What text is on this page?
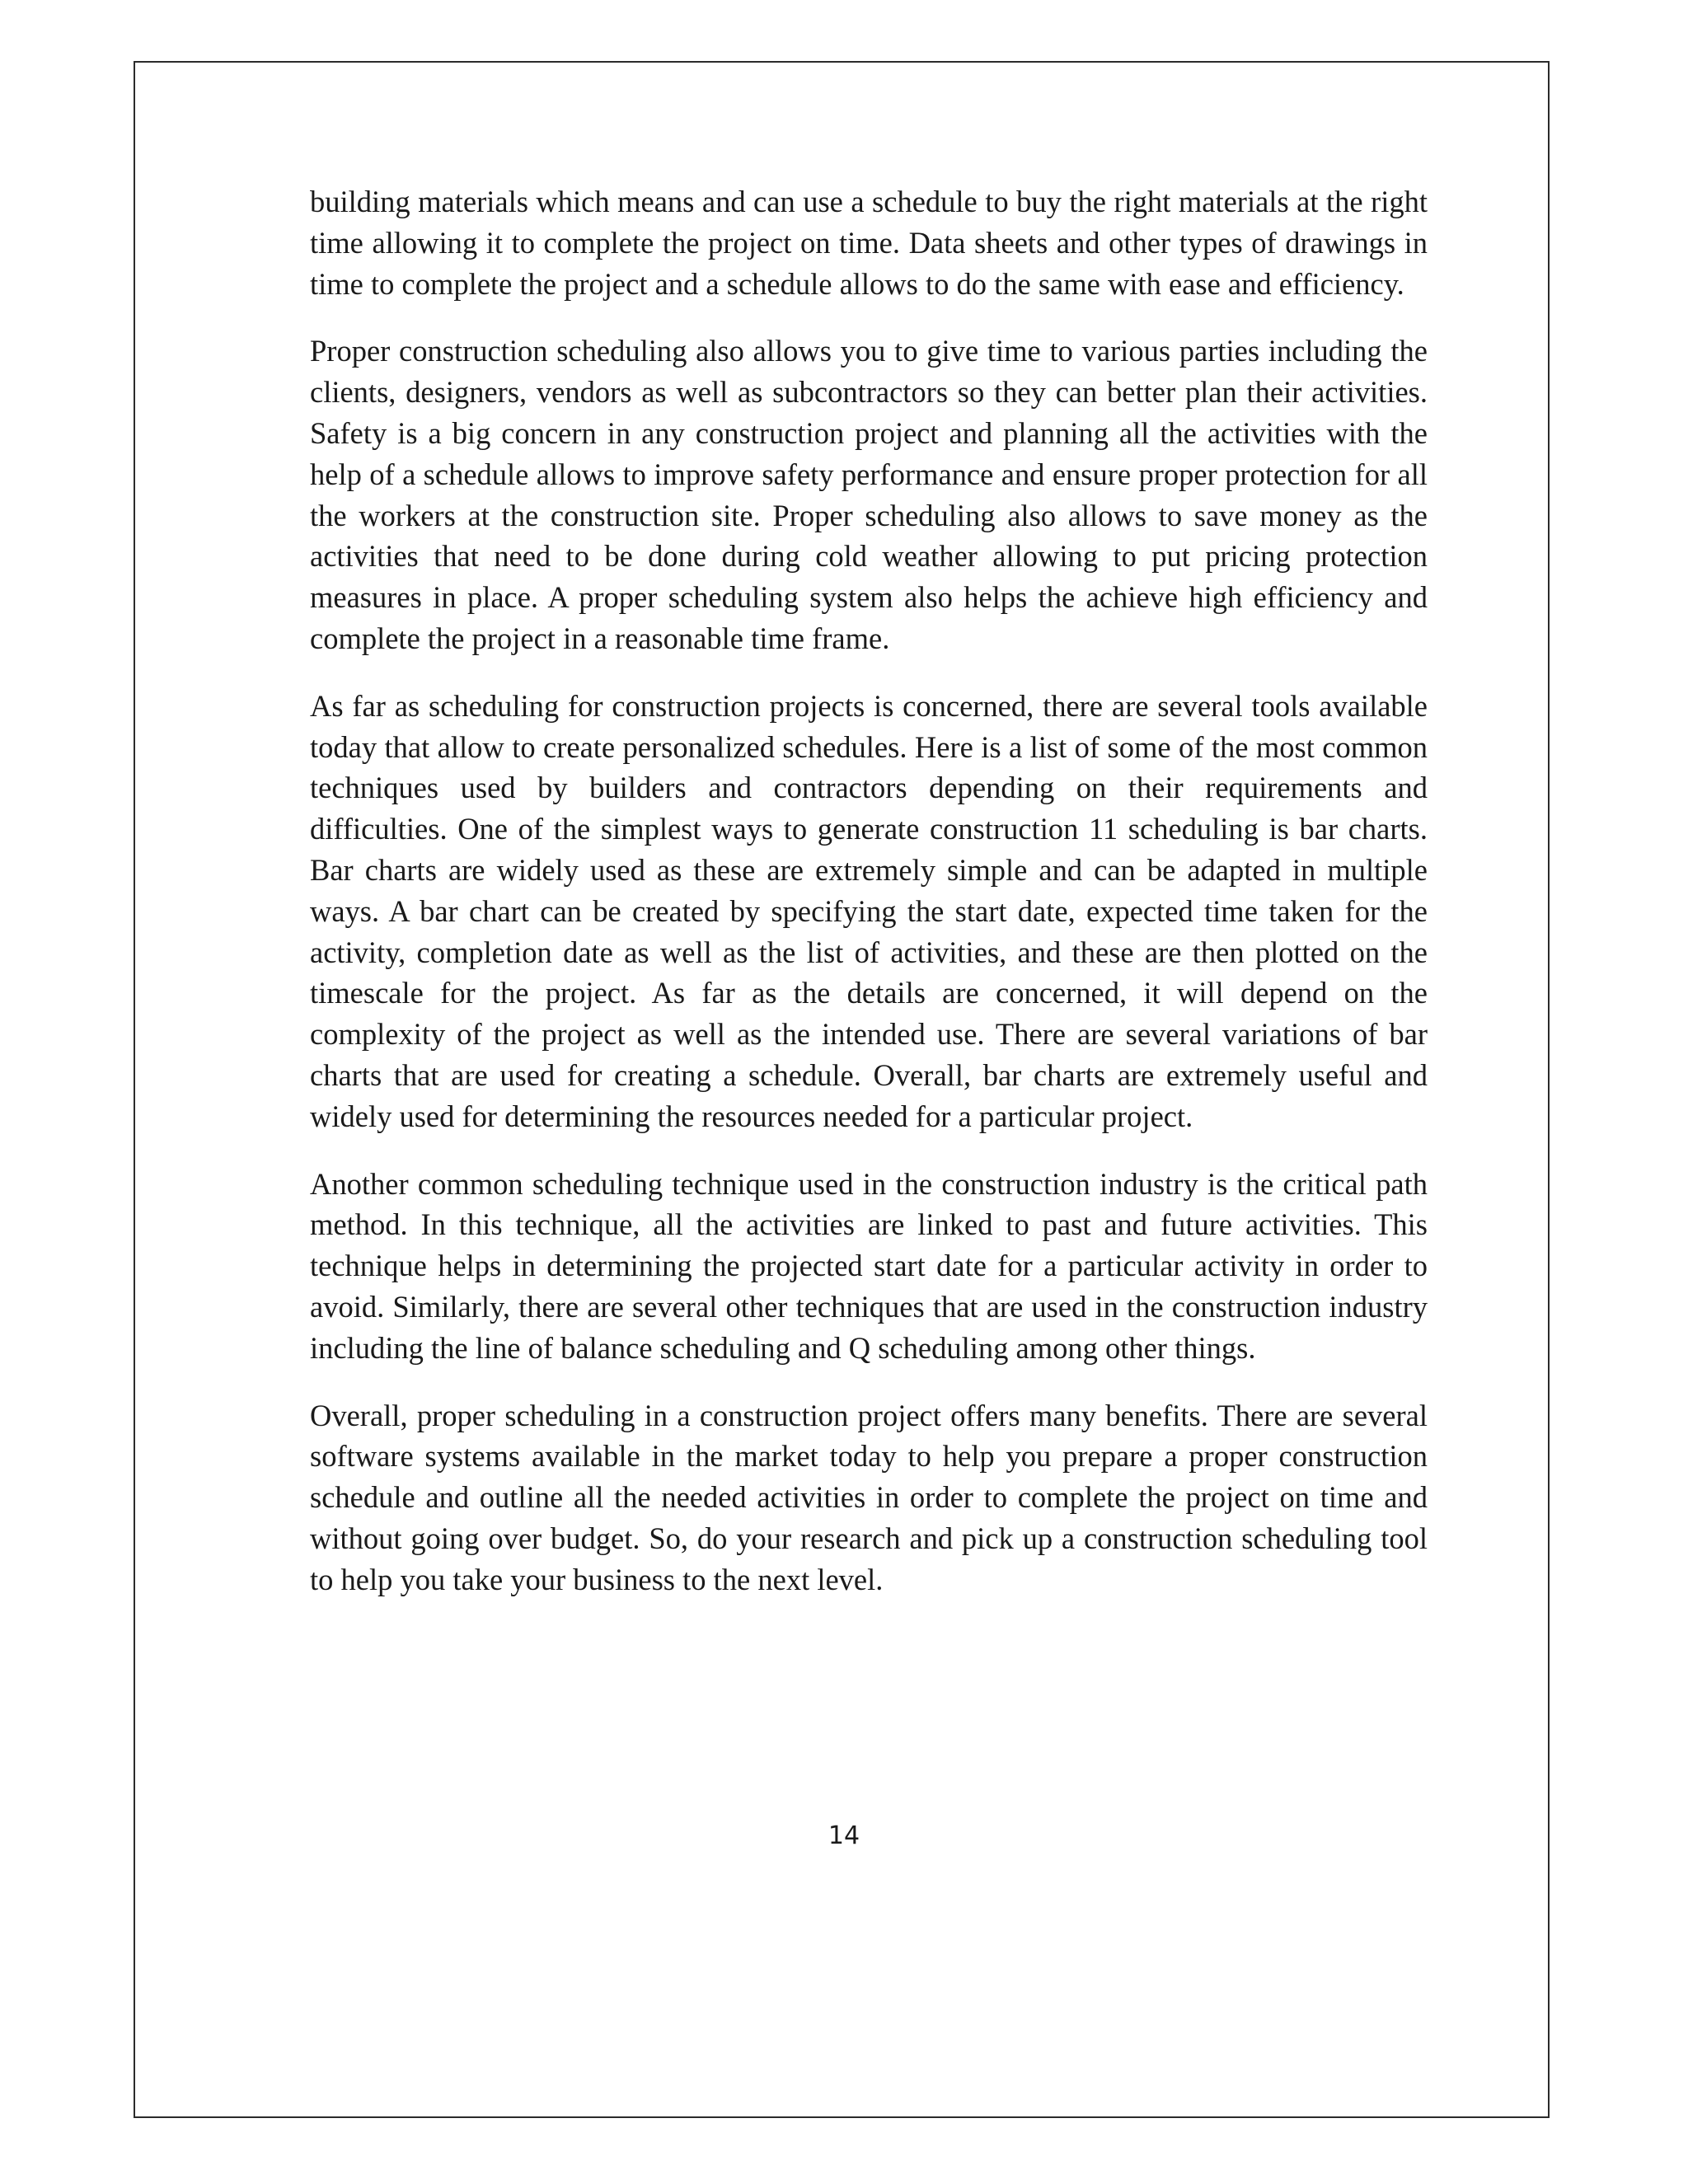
building materials which means and can use a schedule to buy the right materials at the right time allowing it to complete the project on time. Data sheets and other types of drawings in time to complete the project and a schedule allows to do the same with ease and efficiency.

Proper construction scheduling also allows you to give time to various parties including the clients, designers, vendors as well as subcontractors so they can better plan their activities. Safety is a big concern in any construction project and planning all the activities with the help of a schedule allows to improve safety performance and ensure proper protection for all the workers at the construction site. Proper scheduling also allows to save money as the activities that need to be done during cold weather allowing to put pricing protection measures in place. A proper scheduling system also helps the achieve high efficiency and complete the project in a reasonable time frame.

As far as scheduling for construction projects is concerned, there are several tools available today that allow to create personalized schedules. Here is a list of some of the most common techniques used by builders and contractors depending on their requirements and difficulties. One of the simplest ways to generate construction 11 scheduling is bar charts. Bar charts are widely used as these are extremely simple and can be adapted in multiple ways. A bar chart can be created by specifying the start date, expected time taken for the activity, completion date as well as the list of activities, and these are then plotted on the timescale for the project. As far as the details are concerned, it will depend on the complexity of the project as well as the intended use. There are several variations of bar charts that are used for creating a schedule. Overall, bar charts are extremely useful and widely used for determining the resources needed for a particular project.

Another common scheduling technique used in the construction industry is the critical path method. In this technique, all the activities are linked to past and future activities. This technique helps in determining the projected start date for a particular activity in order to avoid. Similarly, there are several other techniques that are used in the construction industry including the line of balance scheduling and Q scheduling among other things.

Overall, proper scheduling in a construction project offers many benefits. There are several software systems available in the market today to help you prepare a proper construction schedule and outline all the needed activities in order to complete the project on time and without going over budget. So, do your research and pick up a construction scheduling tool to help you take your business to the next level.

14
